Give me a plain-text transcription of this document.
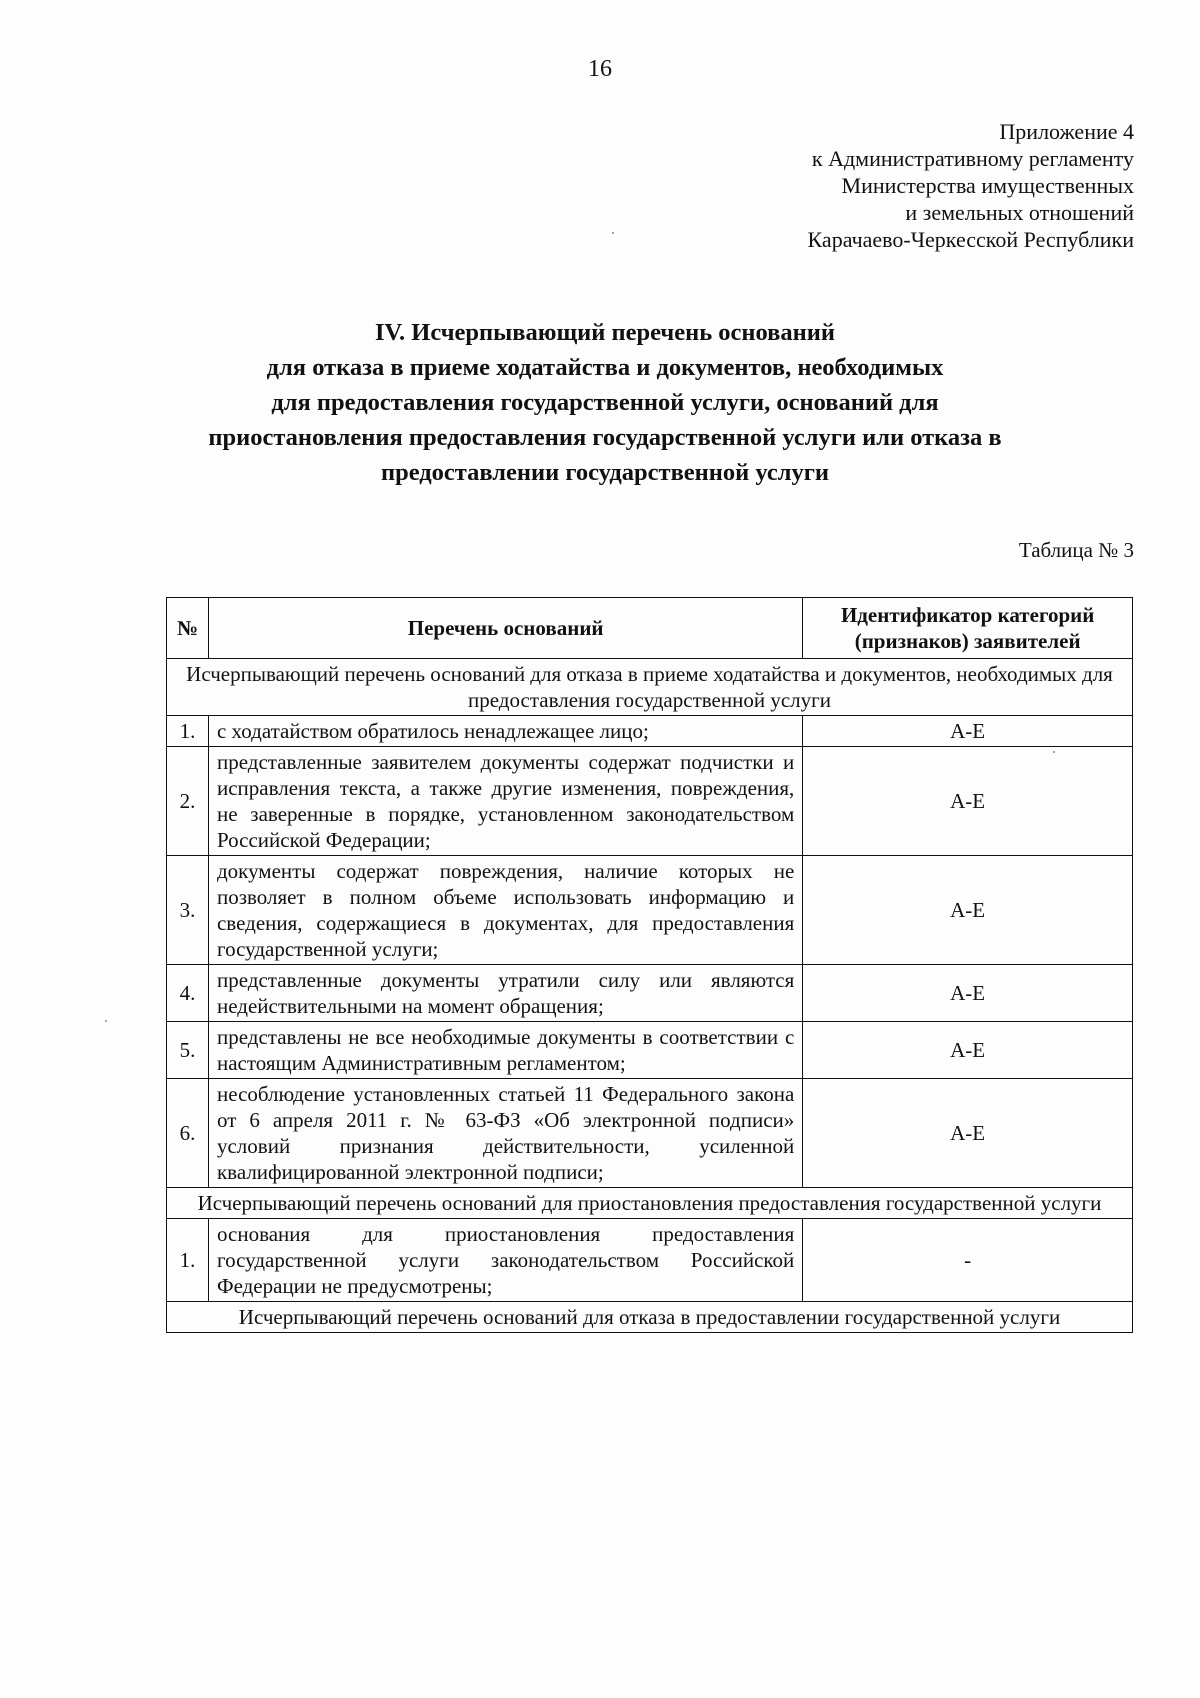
16
Приложение 4
к Административному регламенту
Министерства имущественных
и земельных отношений
Карачаево-Черкесской Республики
IV. Исчерпывающий перечень оснований
для отказа в приеме ходатайства и документов, необходимых
для предоставления государственной услуги, оснований для
приостановления предоставления государственной услуги или отказа в
предоставлении государственной услуги
Таблица № 3
№	Перечень оснований	Идентификатор категорий (признаков) заявителей
Исчерпывающий перечень оснований для отказа в приеме ходатайства и документов, необходимых для предоставления государственной услуги		
1.	с ходатайством обратилось ненадлежащее лицо;	А-Е
2.	представленные заявителем документы содержат подчистки и исправления текста, а также другие изменения, повреждения, не заверенные в порядке, установленном законодательством Российской Федерации;	А-Е
3.	документы содержат повреждения, наличие которых не позволяет в полном объеме использовать информацию и сведения, содержащиеся в документах, для предоставления государственной услуги;	А-Е
4.	представленные документы утратили силу или являются недействительными на момент обращения;	А-Е
5.	представлены не все необходимые документы в соответствии с настоящим Административным регламентом;	А-Е
6.	несоблюдение установленных статьей 11 Федерального закона от 6 апреля 2011 г. № 63-ФЗ «Об электронной подписи» условий признания действительности, усиленной квалифицированной электронной подписи;	А-Е
Исчерпывающий перечень оснований для приостановления предоставления государственной услуги		
1.	основания для приостановления предоставления государственной услуги законодательством Российской Федерации не предусмотрены;	-
Исчерпывающий перечень оснований для отказа в предоставлении государственной услуги		
